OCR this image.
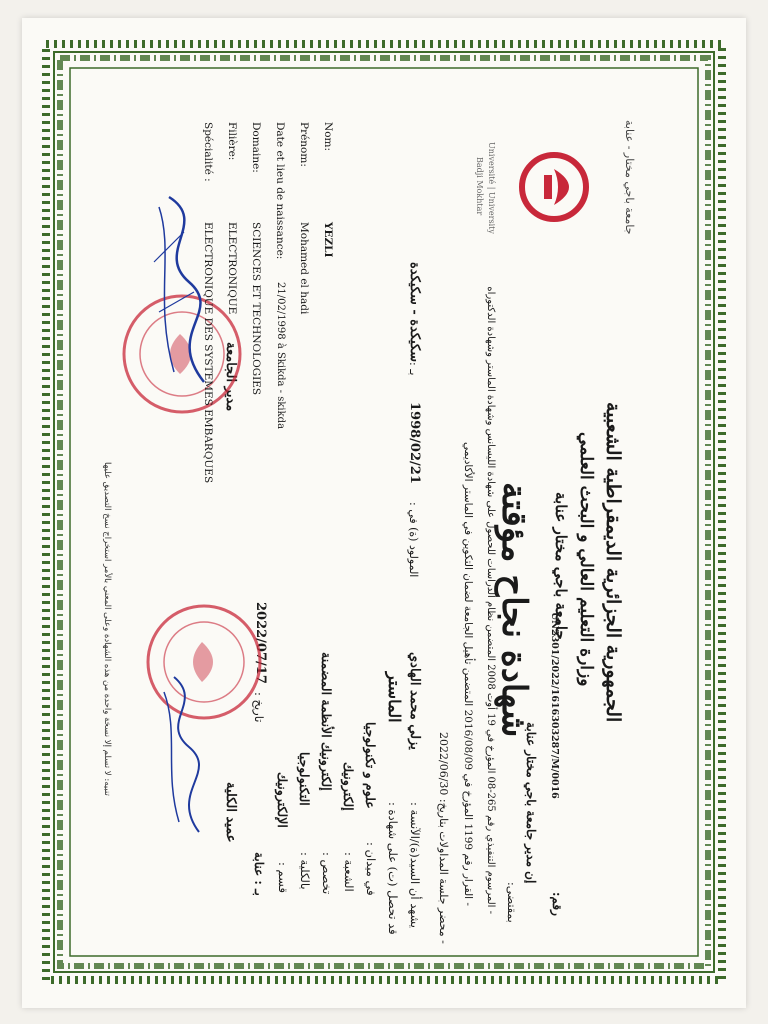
جامعة باجي مختار - عنابة
Université | University
Badji Mokhtar
الجمهورية الجزائرية الديمقراطية الشعبية
وزارة التعليم العالي و البحث العلمي
جامعة باجي مختار عنابة
شهادة نجاح مؤقتة
رقم:
UN2301/2022/1616303287/M/0016
إن مدير جامعة باجي مختار عنابة
بمقتضى:
- المرسوم التنفيذي رقم 265-08 المؤرخ في 19 أوت 2008 المتضمن نظام الدراسات للحصول على شهادة الليسانس وشهادة الماستر وشهادة الدكتوراه
- القرار رقم 1199 المؤرخ في 2016/08/09 المتضمن تأهيل الجامعة لضمان التكوين في الماستر الأكاديمي
- محضر جلسة المداولات بتاريخ: 2022/06/30
يشهد أن السيد(ة)/الآنسة :
يزلي محمد الهادي
المولود (ة) في :
1998/02/21
بـ :
سكيكدة - سكيكدة
قد تحصل (ت) على شهادة :
الماستر
في ميدان :
علوم و تكنولوجيا
الشعبة :
إلكترونيك
تخصص :
إلكترونيك الأنظمة المضمنة
بالكلية :
التكنولوجيا
قسم :
الإلكترونيك
بـ : عنابة
تاريخ :
2022/07/17
عميد الكلية
مدير الجامعة
Nom:
YEZLI
Prénom:
Mohamed el hadi
Date et lieu de naissance:
21/02/1998 à Skikda - skikda
Domaine:
SCIENCES ET TECHNOLOGIES
Filière:
ELECTRONIQUE
Spécialité :
ELECTRONIQUE DES SYSTEMES EMBARQUES
تنبيه: لا تسلم إلا نسخة واحدة من هذه الشهادة وعلى المعني بالأمر استخراج نسخ التصديق عليها
